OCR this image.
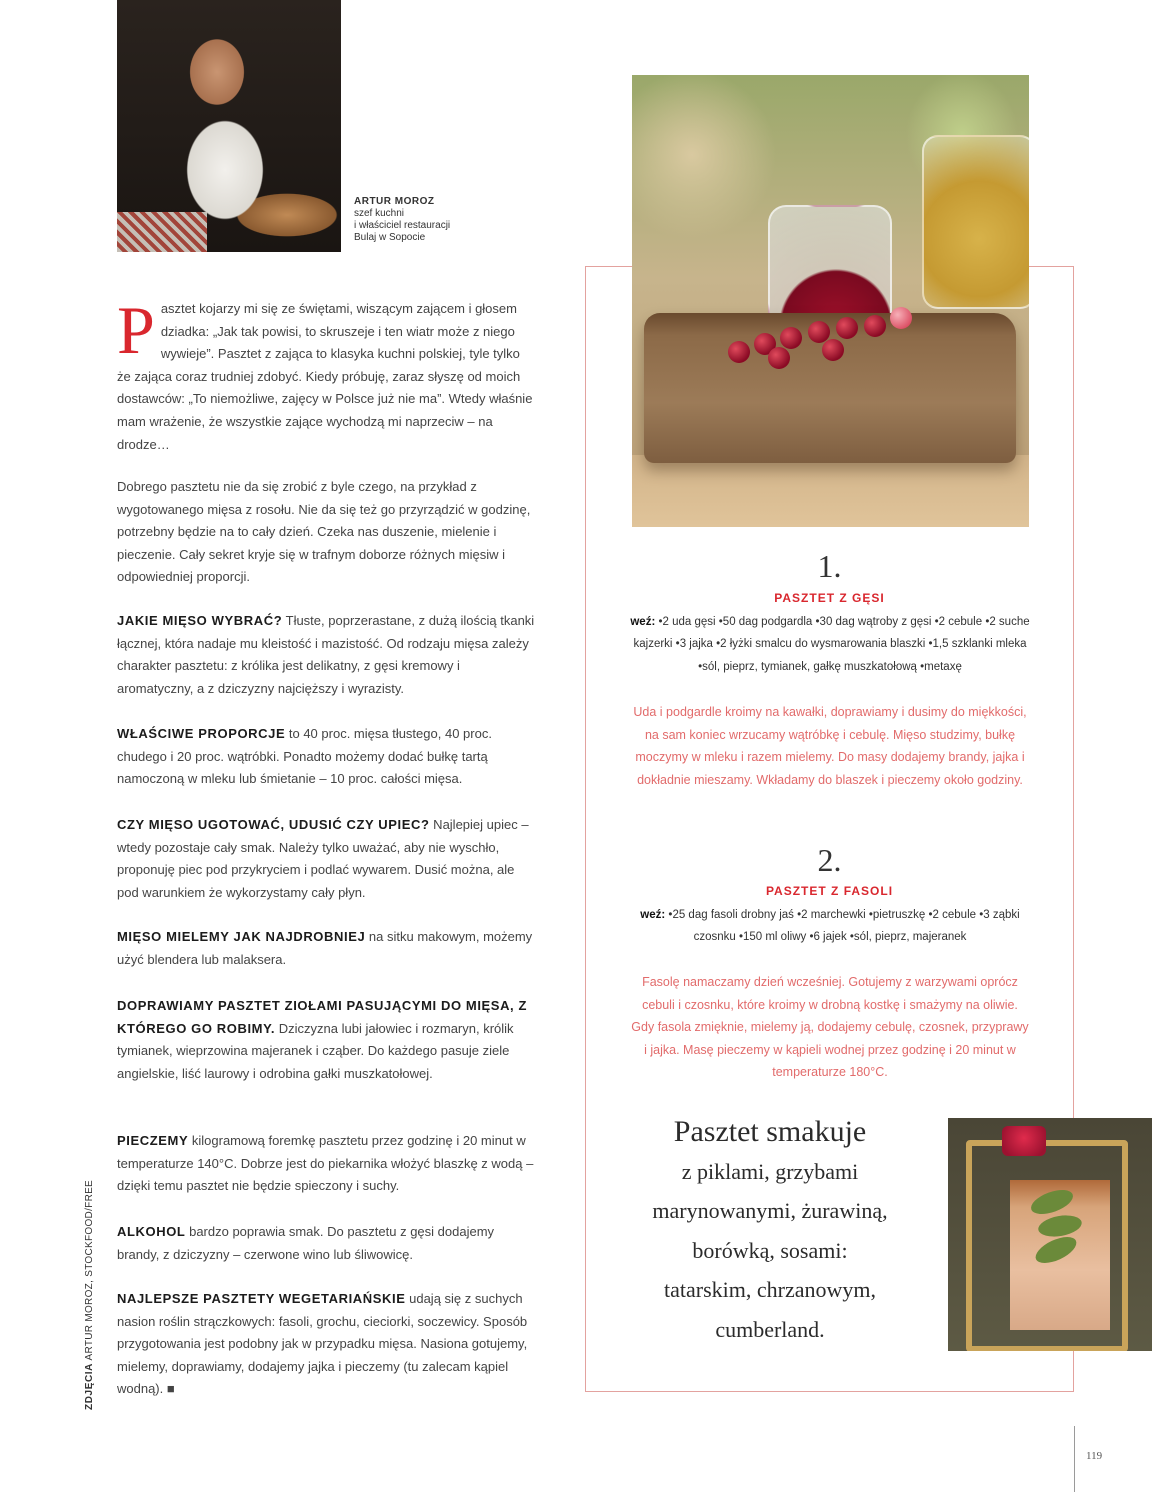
ARTUR MOROZ
szef kuchni
i właściciel restauracji
Bulaj w Sopocie
Pasztet kojarzy mi się ze świętami, wiszącym zającem i głosem dziadka: „Jak tak powisi, to skruszeje i ten wiatr może z niego wywieje”. Pasztet z zająca to klasyka kuchni polskiej, tyle tylko że zająca coraz trudniej zdobyć. Kiedy próbuję, zaraz słyszę od moich dostawców: „To niemożliwe, zajęcy w Polsce już nie ma”. Wtedy właśnie mam wrażenie, że wszystkie zające wychodzą mi naprzeciw – na drodze…

Dobrego pasztetu nie da się zrobić z byle czego, na przykład z wygotowanego mięsa z rosołu. Nie da się też go przyrządzić w godzinę, potrzebny będzie na to cały dzień. Czeka nas duszenie, mielenie i pieczenie. Cały sekret kryje się w trafnym doborze różnych mięsiw i odpowiedniej proporcji.

JAKIE MIĘSO WYBRAĆ? Tłuste, poprzerastane, z dużą ilością tkanki łącznej, która nadaje mu kleistość i mazistość. Od rodzaju mięsa zależy charakter pasztetu: z królika jest delikatny, z gęsi kremowy i aromatyczny, a z dziczyzny najcięższy i wyrazisty.

WŁAŚCIWE PROPORCJE to 40 proc. mięsa tłustego, 40 proc. chudego i 20 proc. wątróbki. Ponadto możemy dodać bułkę tartą namoczoną w mleku lub śmietanie – 10 proc. całości mięsa.

CZY MIĘSO UGOTOWAĆ, UDUSIĆ CZY UPIEC? Najlepiej upiec – wtedy pozostaje cały smak. Należy tylko uważać, aby nie wyschło, proponuję piec pod przykryciem i podlać wywarem. Dusić można, ale pod warunkiem że wykorzystamy cały płyn.

MIĘSO MIELEMY JAK NAJDROBNIEJ na sitku makowym, możemy użyć blendera lub malaksera.

DOPRAWIAMY PASZTET ZIOŁAMI PASUJĄCYMI DO MIĘSA, Z KTÓREGO GO ROBIMY. Dziczyzna lubi jałowiec i rozmaryn, królik tymianek, wieprzowina majeranek i cząber. Do każdego pasuje ziele angielskie, liść laurowy i odrobina gałki muszkatołowej.

PIECZEMY kilogramową foremkę pasztetu przez godzinę i 20 minut w temperaturze 140°C. Dobrze jest do piekarnika włożyć blaszkę z wodą – dzięki temu pasztet nie będzie spieczony i suchy.

ALKOHOL bardzo poprawia smak. Do pasztetu z gęsi dodajemy brandy, z dziczyzny – czerwone wino lub śliwowicę.

NAJLEPSZE PASZTETY WEGETARIAŃSKIE udają się z suchych nasion roślin strączkowych: fasoli, grochu, cieciorki, soczewicy. Sposób przygotowania jest podobny jak w przypadku mięsa. Nasiona gotujemy, mielemy, doprawiamy, dodajemy jajka i pieczemy (tu zalecam kąpiel wodną). ■

ZDJĘCIA ARTUR MOROZ, STOCKFOOD/FREE
1.
PASZTET Z GĘSI
weź: •2 uda gęsi •50 dag podgardla •30 dag wątroby z gęsi •2 cebule •2 suche kajzerki •3 jajka •2 łyżki smalcu do wysmarowania blaszki •1,5 szklanki mleka •sól, pieprz, tymianek, gałkę muszkatołową •metaxę
Uda i podgardle kroimy na kawałki, doprawiamy i dusimy do miękkości, na sam koniec wrzucamy wątróbkę i cebulę. Mięso studzimy, bułkę moczymy w mleku i razem mielemy. Do masy dodajemy brandy, jajka i dokładnie mieszamy. Wkładamy do blaszek i pieczemy około godziny.
2.
PASZTET Z FASOLI
weź: •25 dag fasoli drobny jaś •2 marchewki •pietruszkę •2 cebule •3 ząbki czosnku •150 ml oliwy •6 jajek •sól, pieprz, majeranek
Fasolę namaczamy dzień wcześniej. Gotujemy z warzywami oprócz cebuli i czosnku, które kroimy w drobną kostkę i smażymy na oliwie. Gdy fasola zmięknie, mielemy ją, dodajemy cebulę, czosnek, przyprawy i jajka. Masę pieczemy w kąpieli wodnej przez godzinę i 20 minut w temperaturze 180°C.
Pasztet smakuje
z piklami, grzybami
marynowanymi, żurawiną,
borówką, sosami:
tatarskim, chrzanowym,
cumberland.
119
